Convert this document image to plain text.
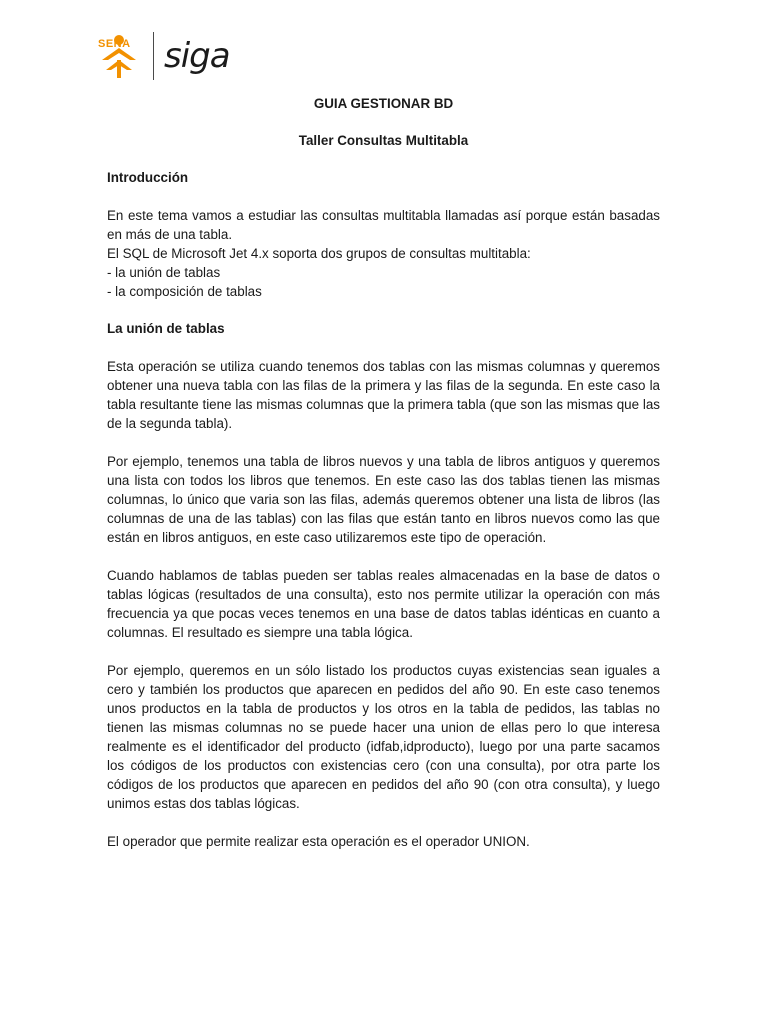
SENA siga
GUIA GESTIONAR BD
Taller Consultas Multitabla
Introducción

En este tema vamos a estudiar las consultas multitabla llamadas así porque están basadas en más de una tabla.

El SQL de Microsoft Jet 4.x soporta dos grupos de consultas multitabla:

- la unión de tablas

- la composición de tablas

La unión de tablas

Esta operación se utiliza cuando tenemos dos tablas con las mismas columnas y queremos obtener una nueva tabla con las filas de la primera y las filas de la segunda. En este caso la tabla resultante tiene las mismas columnas que la primera tabla (que son las mismas que las de la segunda tabla).

Por ejemplo, tenemos una tabla de libros nuevos y una tabla de libros antiguos y queremos una lista con todos los libros que tenemos. En este caso las dos tablas tienen las mismas columnas, lo único que varia son las filas, además queremos obtener una lista de libros (las columnas de una de las tablas) con las filas que están tanto en libros nuevos como las que están en libros antiguos, en este caso utilizaremos este tipo de operación.

Cuando hablamos de tablas pueden ser tablas reales almacenadas en la base de datos o tablas lógicas (resultados de una consulta), esto nos permite utilizar la operación con más frecuencia ya que pocas veces tenemos en una base de datos tablas idénticas en cuanto a columnas. El resultado es siempre una tabla lógica.

Por ejemplo, queremos en un sólo listado los productos cuyas existencias sean iguales a cero y también los productos que aparecen en pedidos del año 90. En este caso tenemos unos productos en la tabla de productos y los otros en la tabla de pedidos, las tablas no tienen las mismas columnas no se puede hacer una union de ellas pero lo que interesa realmente es el identificador del producto (idfab,idproducto), luego por una parte sacamos los códigos de los productos con existencias cero (con una consulta), por otra parte los códigos de los productos que aparecen en pedidos del año 90 (con otra consulta), y luego unimos estas dos tablas lógicas.

El operador que permite realizar esta operación es el operador UNION.
